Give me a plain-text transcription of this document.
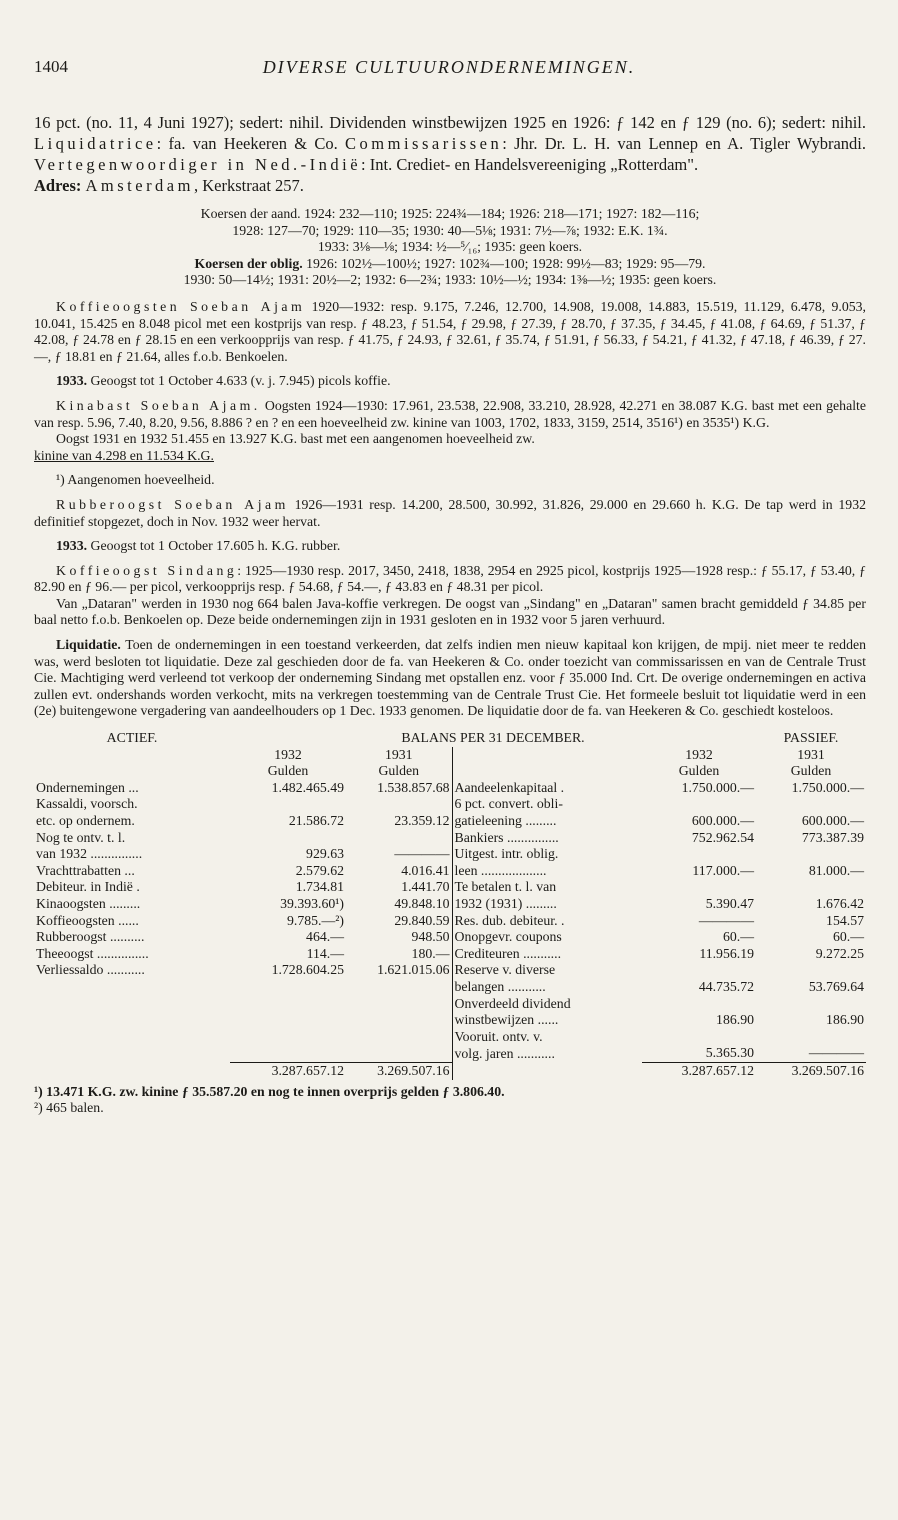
1404	DIVERSE CULTUURONDERNEMINGEN.

16 pct. (no. 11, 4 Juni 1927); sedert: nihil. Dividenden winstbewijzen 1925 en 1926: ƒ 142 en ƒ 129 (no. 6); sedert: nihil. Liquidatrice: fa. van Heekeren & Co. Commissarissen: Jhr. Dr. L. H. van Lennep en A. Tigler Wybrandi. Vertegenwoordiger in Ned.-Indië: Int. Crediet- en Handelsvereeniging „Rotterdam".

Adres: Amsterdam, Kerkstraat 257.

Koersen der aand. 1924: 232—110; 1925: 224¾—184; 1926: 218—171; 1927: 182—116;

1928: 127—70; 1929: 110—35; 1930: 40—5⅛; 1931: 7½—⅞; 1932: E.K. 1¾.

1933: 3⅛—⅛; 1934: ½—⁵⁄₁₆; 1935: geen koers.

Koersen der oblig. 1926: 102½—100½; 1927: 102¾—100; 1928: 99½—83; 1929: 95—79.

1930: 50—14½; 1931: 20½—2; 1932: 6—2¾; 1933: 10½—½; 1934: 1⅜—½; 1935: geen koers.

Koffieoogsten Soeban Ajam 1920—1932: resp. 9.175, 7.246, 12.700, 14.908, 19.008, 14.883, 15.519, 11.129, 6.478, 9.053, 10.041, 15.425 en 8.048 picol met een kostprijs van resp. ƒ 48.23, ƒ 51.54, ƒ 29.98, ƒ 27.39, ƒ 28.70, ƒ 37.35, ƒ 34.45, ƒ 41.08, ƒ 64.69, ƒ 51.37, ƒ 42.08, ƒ 24.78 en ƒ 28.15 en een verkoopprijs van resp. ƒ 41.75, ƒ 24.93, ƒ 32.61, ƒ 35.74, ƒ 51.91, ƒ 56.33, ƒ 54.21, ƒ 41.32, ƒ 47.18, ƒ 46.39, ƒ 27.—, ƒ 18.81 en ƒ 21.64, alles f.o.b. Benkoelen.

1933. Geoogst tot 1 October 4.633 (v. j. 7.945) picols koffie.

Kinabast Soeban Ajam. Oogsten 1924—1930: 17.961, 23.538, 22.908, 33.210, 28.928, 42.271 en 38.087 K.G. bast met een gehalte van resp. 5.96, 7.40, 8.20, 9.56, 8.886 ? en ? en een hoeveelheid zw. kinine van 1003, 1702, 1833, 3159, 2514, 3516¹) en 3535¹) K.G.

Oogst 1931 en 1932 51.455 en 13.927 K.G. bast met een aangenomen hoeveelheid zw.

kinine van 4.298 en 11.534 K.G.

¹) Aangenomen hoeveelheid.

Rubberoogst Soeban Ajam 1926—1931 resp. 14.200, 28.500, 30.992, 31.826, 29.000 en 29.660 h. K.G. De tap werd in 1932 definitief stopgezet, doch in Nov. 1932 weer hervat.

1933. Geoogst tot 1 October 17.605 h. K.G. rubber.

Koffieoogst Sindang: 1925—1930 resp. 2017, 3450, 2418, 1838, 2954 en 2925 picol, kostprijs 1925—1928 resp.: ƒ 55.17, ƒ 53.40, ƒ 82.90 en ƒ 96.— per picol, verkoopprijs resp. ƒ 54.68, ƒ 54.—, ƒ 43.83 en ƒ 48.31 per picol.

Van „Dataran" werden in 1930 nog 664 balen Java-koffie verkregen. De oogst van „Sindang" en „Dataran" samen bracht gemiddeld ƒ 34.85 per baal netto f.o.b. Benkoelen op. Deze beide ondernemingen zijn in 1931 gesloten en in 1932 voor 5 jaren verhuurd.

Liquidatie. Toen de ondernemingen in een toestand verkeerden, dat zelfs indien men nieuw kapitaal kon krijgen, de mpij. niet meer te redden was, werd besloten tot liquidatie. Deze zal geschieden door de fa. van Heekeren & Co. onder toezicht van commissarissen en van de Centrale Trust Cie. Machtiging werd verleend tot verkoop der onderneming Sindang met opstallen enz. voor ƒ 35.000 Ind. Crt. De overige ondernemingen en activa zullen evt. ondershands worden verkocht, mits na verkregen toestemming van de Centrale Trust Cie. Het formeele besluit tot liquidatie werd in een (2e) buitengewone vergadering van aandeelhouders op 1 Dec. 1933 genomen. De liquidatie door de fa. van Heekeren & Co. geschiedt kosteloos.

ACTIEF.	BALANS PER 31 DECEMBER.				PASSIEF.
	1932	1931		1932	1931
	Gulden	Gulden		Gulden	Gulden
Ondernemingen ...	1.482.465.49	1.538.857.68	Aandeelenkapitaal .	1.750.000.—	1.750.000.—
Kassaldi, voorsch.			6 pct. convert. obli-		
etc. op ondernem.	21.586.72	23.359.12	gatieleening .........	600.000.—	600.000.—
Nog te ontv. t. l.			Bankiers ...............	752.962.54	773.387.39
van 1932 ...............	929.63	————	Uitgest. intr. oblig.		
Vrachttrabatten ...	2.579.62	4.016.41	leen ...................	117.000.—	81.000.—
Debiteur. in Indië .	1.734.81	1.441.70	Te betalen t. l. van		
Kinaoogsten .........	39.393.60¹)	49.848.10	1932 (1931) .........	5.390.47	1.676.42
Koffieoogsten ......	9.785.—²)	29.840.59	Res. dub. debiteur. .	————	154.57
Rubberoogst ..........	464.—	948.50	Onopgevr. coupons	60.—	60.—
Theeoogst ...............	114.—	180.—	Crediteuren ...........	11.956.19	9.272.25
Verliessaldo ...........	1.728.604.25	1.621.015.06	Reserve v. diverse		
			belangen ...........	44.735.72	53.769.64
			Onverdeeld dividend		
			winstbewijzen ......	186.90	186.90
			Vooruit. ontv. v.		
			volg. jaren ...........	5.365.30	————
	3.287.657.12	3.269.507.16		3.287.657.12	3.269.507.16

¹) 13.471 K.G. zw. kinine ƒ 35.587.20 en nog te innen overprijs gelden ƒ 3.806.40.

²) 465 balen.
